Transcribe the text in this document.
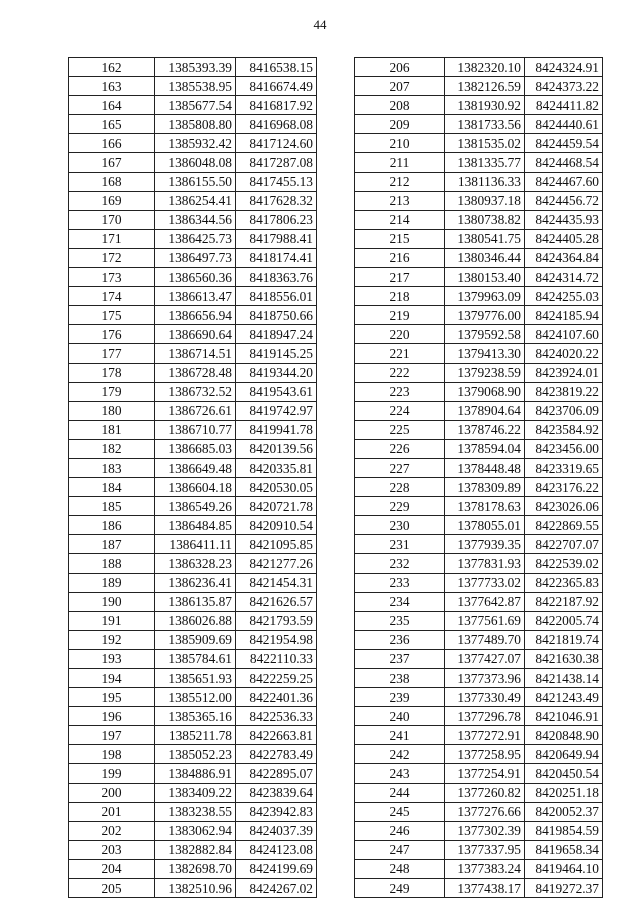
44
162	1385393.39	8416538.15
163	1385538.95	8416674.49
164	1385677.54	8416817.92
165	1385808.80	8416968.08
166	1385932.42	8417124.60
167	1386048.08	8417287.08
168	1386155.50	8417455.13
169	1386254.41	8417628.32
170	1386344.56	8417806.23
171	1386425.73	8417988.41
172	1386497.73	8418174.41
173	1386560.36	8418363.76
174	1386613.47	8418556.01
175	1386656.94	8418750.66
176	1386690.64	8418947.24
177	1386714.51	8419145.25
178	1386728.48	8419344.20
179	1386732.52	8419543.61
180	1386726.61	8419742.97
181	1386710.77	8419941.78
182	1386685.03	8420139.56
183	1386649.48	8420335.81
184	1386604.18	8420530.05
185	1386549.26	8420721.78
186	1386484.85	8420910.54
187	1386411.11	8421095.85
188	1386328.23	8421277.26
189	1386236.41	8421454.31
190	1386135.87	8421626.57
191	1386026.88	8421793.59
192	1385909.69	8421954.98
193	1385784.61	8422110.33
194	1385651.93	8422259.25
195	1385512.00	8422401.36
196	1385365.16	8422536.33
197	1385211.78	8422663.81
198	1385052.23	8422783.49
199	1384886.91	8422895.07
200	1383409.22	8423839.64
201	1383238.55	8423942.83
202	1383062.94	8424037.39
203	1382882.84	8424123.08
204	1382698.70	8424199.69
205	1382510.96	8424267.02
206	1382320.10	8424324.91
207	1382126.59	8424373.22
208	1381930.92	8424411.82
209	1381733.56	8424440.61
210	1381535.02	8424459.54
211	1381335.77	8424468.54
212	1381136.33	8424467.60
213	1380937.18	8424456.72
214	1380738.82	8424435.93
215	1380541.75	8424405.28
216	1380346.44	8424364.84
217	1380153.40	8424314.72
218	1379963.09	8424255.03
219	1379776.00	8424185.94
220	1379592.58	8424107.60
221	1379413.30	8424020.22
222	1379238.59	8423924.01
223	1379068.90	8423819.22
224	1378904.64	8423706.09
225	1378746.22	8423584.92
226	1378594.04	8423456.00
227	1378448.48	8423319.65
228	1378309.89	8423176.22
229	1378178.63	8423026.06
230	1378055.01	8422869.55
231	1377939.35	8422707.07
232	1377831.93	8422539.02
233	1377733.02	8422365.83
234	1377642.87	8422187.92
235	1377561.69	8422005.74
236	1377489.70	8421819.74
237	1377427.07	8421630.38
238	1377373.96	8421438.14
239	1377330.49	8421243.49
240	1377296.78	8421046.91
241	1377272.91	8420848.90
242	1377258.95	8420649.94
243	1377254.91	8420450.54
244	1377260.82	8420251.18
245	1377276.66	8420052.37
246	1377302.39	8419854.59
247	1377337.95	8419658.34
248	1377383.24	8419464.10
249	1377438.17	8419272.37
